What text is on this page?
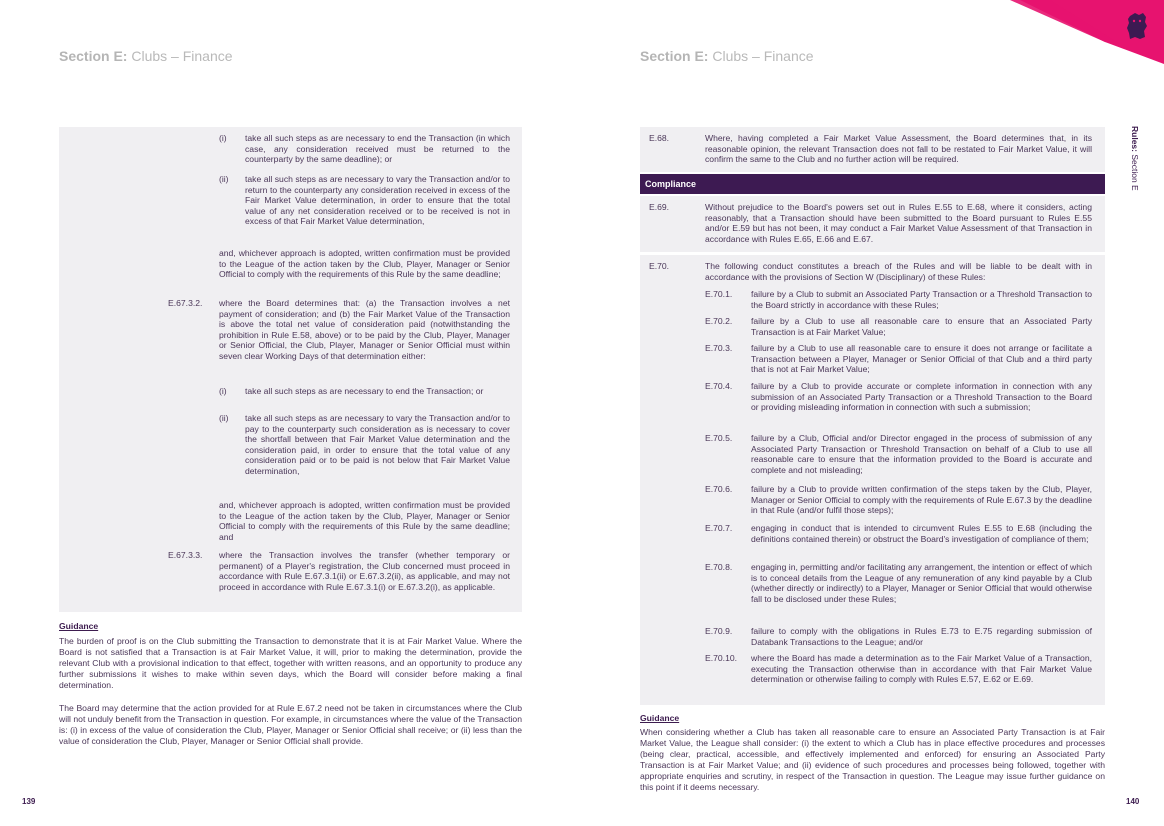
Section E: Clubs – Finance	Section E: Clubs – Finance
Rules: Section E
(i) take all such steps as are necessary to end the Transaction (in which case, any consideration received must be returned to the counterparty by the same deadline); or
(ii) take all such steps as are necessary to vary the Transaction and/or to return to the counterparty any consideration received in excess of the Fair Market Value determination, in order to ensure that the total value of any net consideration received or to be received is not in excess of that Fair Market Value determination,
and, whichever approach is adopted, written confirmation must be provided to the League of the action taken by the Club, Player, Manager or Senior Official to comply with the requirements of this Rule by the same deadline;
E.67.3.2. where the Board determines that: (a) the Transaction involves a net payment of consideration; and (b) the Fair Market Value of the Transaction is above the total net value of consideration paid (notwithstanding the prohibition in Rule E.58, above) or to be paid by the Club, Player, Manager or Senior Official, the Club, Player, Manager or Senior Official must within seven clear Working Days of that determination either:
(i) take all such steps as are necessary to end the Transaction; or
(ii) take all such steps as are necessary to vary the Transaction and/or to pay to the counterparty such consideration as is necessary to cover the shortfall between that Fair Market Value determination and the consideration paid, in order to ensure that the total value of any consideration paid or to be paid is not below that Fair Market Value determination,
and, whichever approach is adopted, written confirmation must be provided to the League of the action taken by the Club, Player, Manager or Senior Official to comply with the requirements of this Rule by the same deadline; and
E.67.3.3. where the Transaction involves the transfer (whether temporary or permanent) of a Player's registration, the Club concerned must proceed in accordance with Rule E.67.3.1(ii) or E.67.3.2(ii), as applicable, and may not proceed in accordance with Rule E.67.3.1(i) or E.67.3.2(i), as applicable.
Guidance
The burden of proof is on the Club submitting the Transaction to demonstrate that it is at Fair Market Value. Where the Board is not satisfied that a Transaction is at Fair Market Value, it will, prior to making the determination, provide the relevant Club with a provisional indication to that effect, together with written reasons, and an opportunity to produce any further submissions it wishes to make within seven days, which the Board will consider before making a final determination.
The Board may determine that the action provided for at Rule E.67.2 need not be taken in circumstances where the Club will not unduly benefit from the Transaction in question. For example, in circumstances where the value of the Transaction is: (i) in excess of the value of consideration the Club, Player, Manager or Senior Official shall receive; or (ii) less than the value of consideration the Club, Player, Manager or Senior Official shall provide.
E.68.	Where, having completed a Fair Market Value Assessment, the Board determines that, in its reasonable opinion, the relevant Transaction does not fall to be restated to Fair Market Value, it will confirm the same to the Club and no further action will be required.
Compliance
E.69.	Without prejudice to the Board's powers set out in Rules E.55 to E.68, where it considers, acting reasonably, that a Transaction should have been submitted to the Board pursuant to Rules E.55 and/or E.59 but has not been, it may conduct a Fair Market Value Assessment of that Transaction in accordance with Rules E.65, E.66 and E.67.
E.70.	The following conduct constitutes a breach of the Rules and will be liable to be dealt with in accordance with the provisions of Section W (Disciplinary) of these Rules:
E.70.1. failure by a Club to submit an Associated Party Transaction or a Threshold Transaction to the Board strictly in accordance with these Rules;
E.70.2. failure by a Club to use all reasonable care to ensure that an Associated Party Transaction is at Fair Market Value;
E.70.3. failure by a Club to use all reasonable care to ensure it does not arrange or facilitate a Transaction between a Player, Manager or Senior Official of that Club and a third party that is not at Fair Market Value;
E.70.4. failure by a Club to provide accurate or complete information in connection with any submission of an Associated Party Transaction or a Threshold Transaction to the Board or providing misleading information in connection with such a submission;
E.70.5. failure by a Club, Official and/or Director engaged in the process of submission of any Associated Party Transaction or Threshold Transaction on behalf of a Club to use all reasonable care to ensure that the information provided to the Board is accurate and complete and not misleading;
E.70.6. failure by a Club to provide written confirmation of the steps taken by the Club, Player, Manager or Senior Official to comply with the requirements of Rule E.67.3 by the deadline in that Rule (and/or fulfil those steps);
E.70.7. engaging in conduct that is intended to circumvent Rules E.55 to E.68 (including the definitions contained therein) or obstruct the Board's investigation of compliance of them;
E.70.8. engaging in, permitting and/or facilitating any arrangement, the intention or effect of which is to conceal details from the League of any remuneration of any kind payable by a Club (whether directly or indirectly) to a Player, Manager or Senior Official that would otherwise fall to be disclosed under these Rules;
E.70.9. failure to comply with the obligations in Rules E.73 to E.75 regarding submission of Databank Transactions to the League; and/or
E.70.10. where the Board has made a determination as to the Fair Market Value of a Transaction, executing the Transaction otherwise than in accordance with that Fair Market Value determination or otherwise failing to comply with Rules E.57, E.62 or E.69.
Guidance
When considering whether a Club has taken all reasonable care to ensure an Associated Party Transaction is at Fair Market Value, the League shall consider: (i) the extent to which a Club has in place effective procedures and processes (being clear, practical, accessible, and effectively implemented and enforced) for ensuring an Associated Party Transaction is at Fair Market Value; and (ii) evidence of such procedures and processes being followed, together with appropriate enquiries and scrutiny, in respect of the Transaction in question. The League may issue further guidance on this point if it deems necessary.
139	140
